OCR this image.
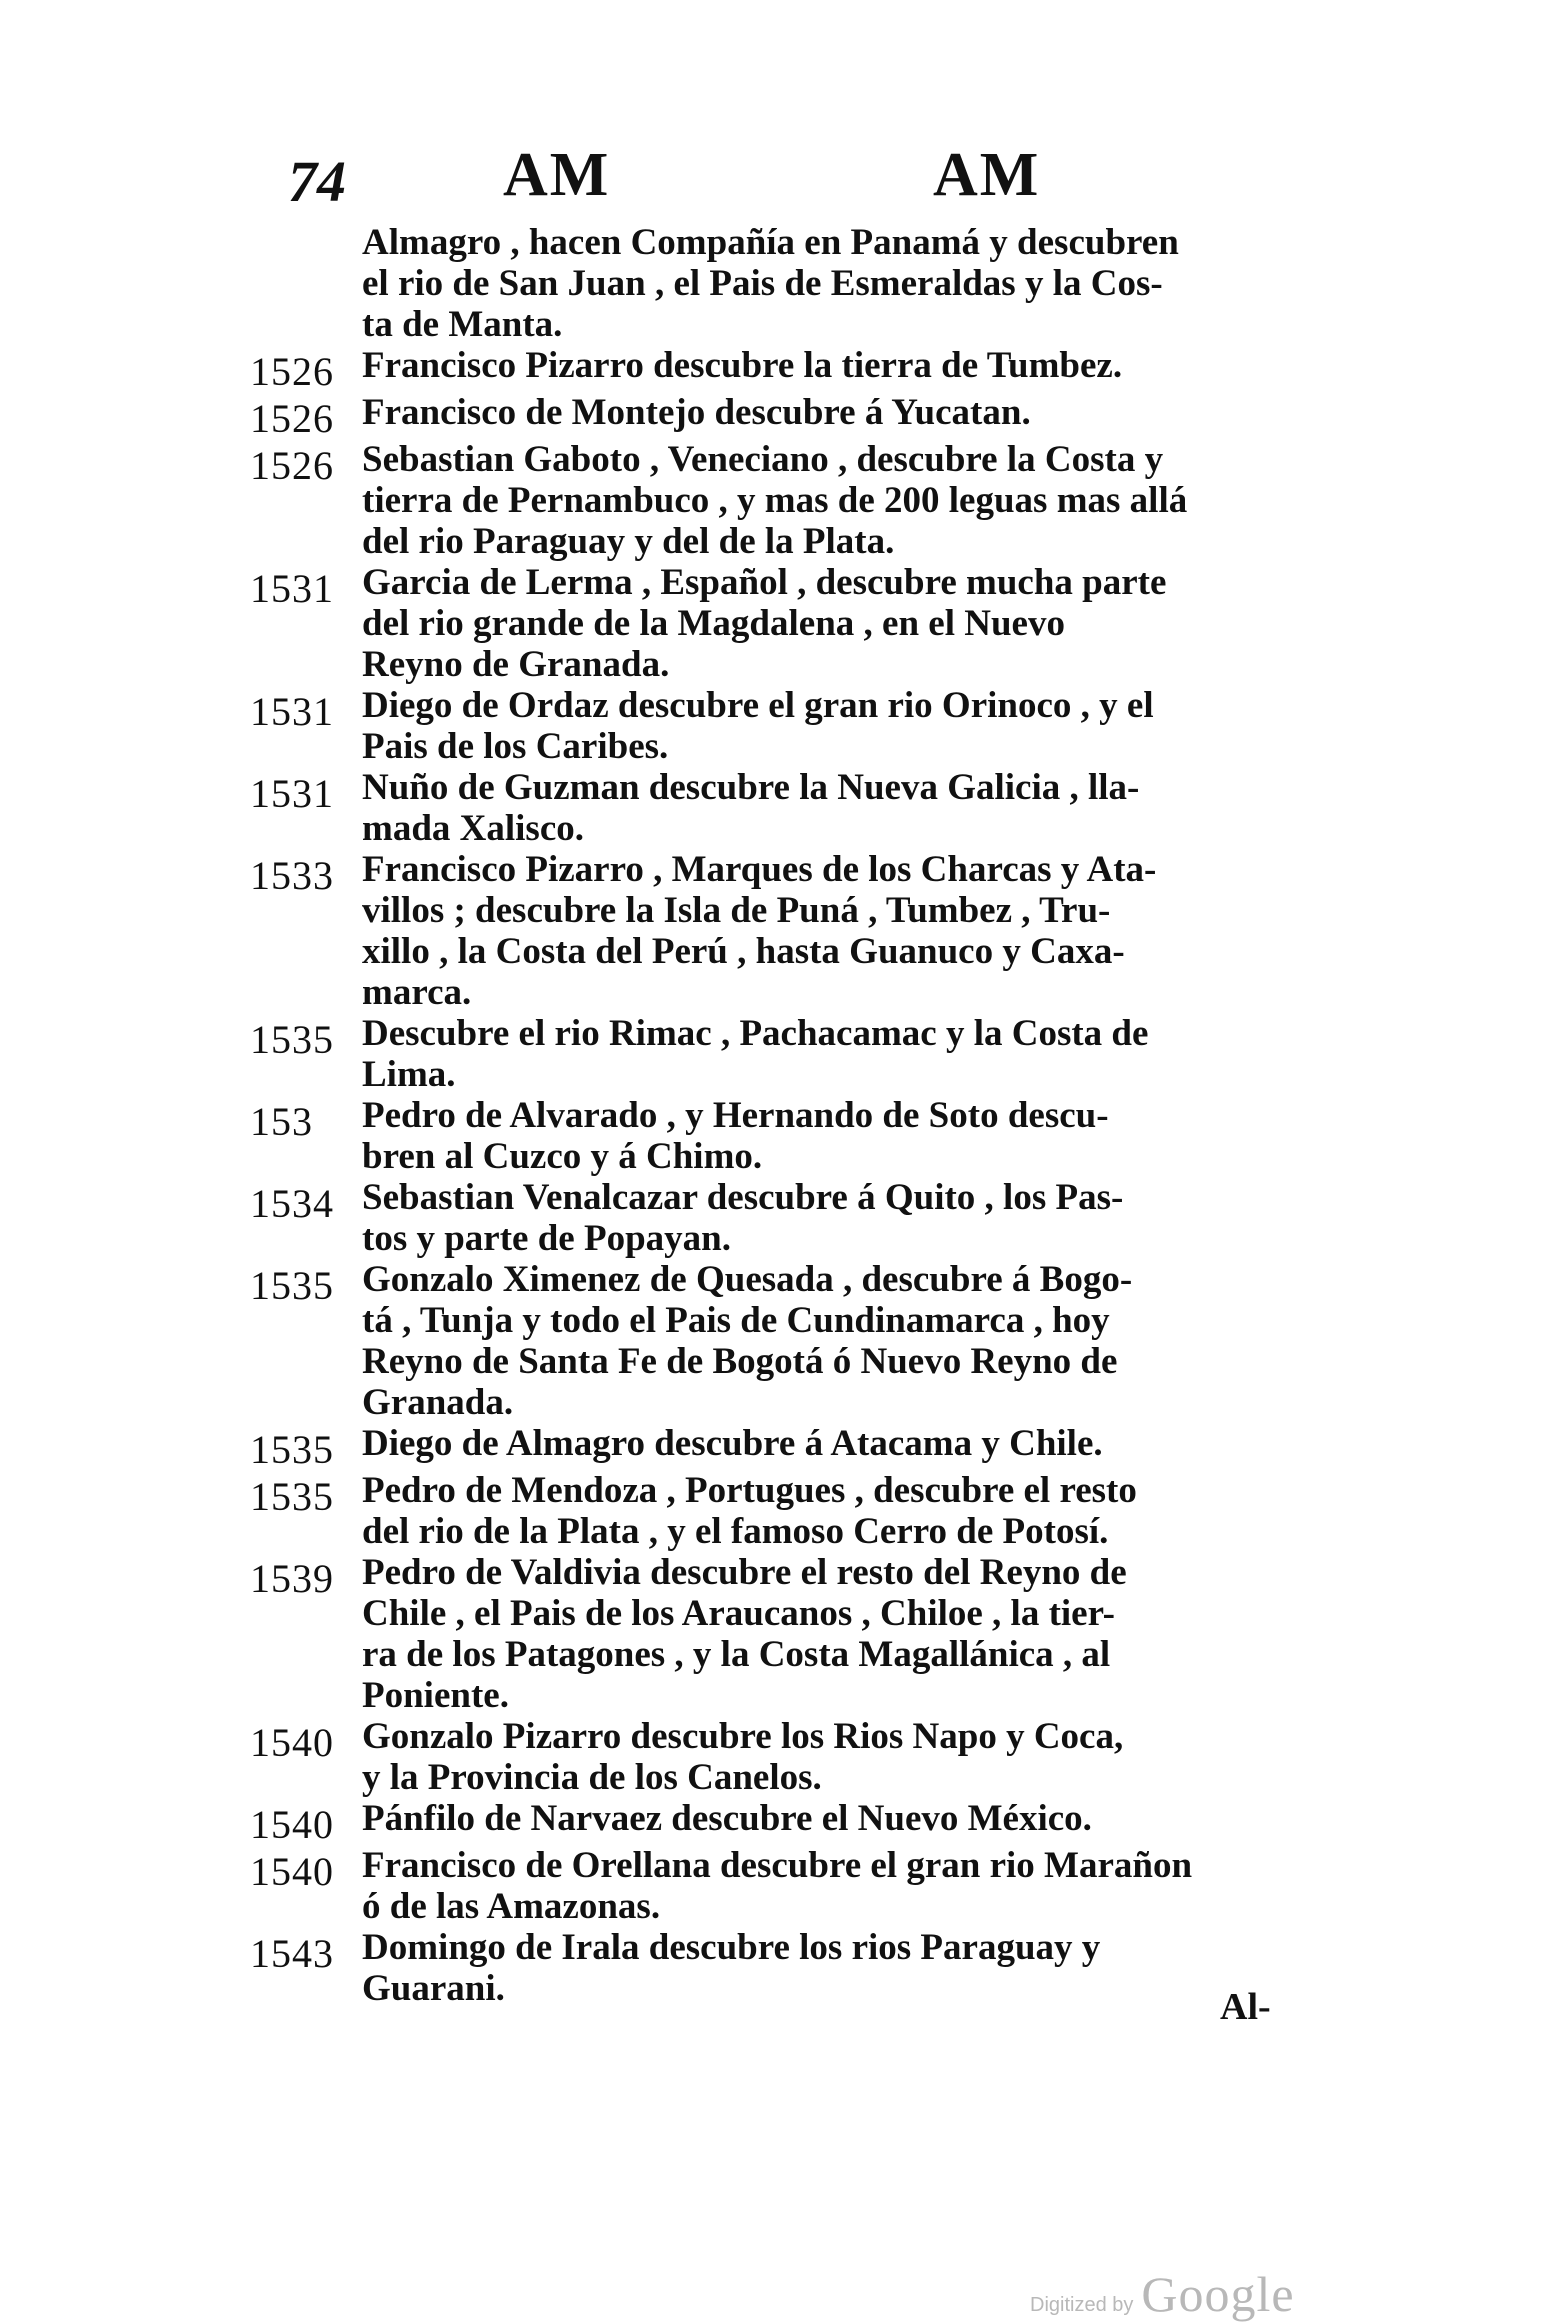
74	AM	AM
Almagro , hacen Compañía en Panamá y descubren
el rio de San Juan , el Pais de Esmeraldas y la Cos-
ta de Manta.
1526 Francisco Pizarro descubre la tierra de Tumbez.
1526 Francisco de Montejo descubre á Yucatan.
1526 Sebastian Gaboto , Veneciano , descubre la Costa y
tierra de Pernambuco , y mas de 200 leguas mas allá
del rio Paraguay y del de la Plata.
1531 Garcia de Lerma , Español , descubre mucha parte
del rio grande de la Magdalena , en el Nuevo
Reyno de Granada.
1531 Diego de Ordaz descubre el gran rio Orinoco , y el
Pais de los Caribes.
1531 Nuño de Guzman descubre la Nueva Galicia , lla-
mada Xalisco.
1533 Francisco Pizarro , Marques de los Charcas y Ata-
villos ; descubre la Isla de Puná , Tumbez , Tru-
xillo , la Costa del Perú , hasta Guanuco y Caxa-
marca.
1535 Descubre el rio Rimac , Pachacamac y la Costa de
Lima.
153	Pedro de Alvarado , y Hernando de Soto descu-
bren al Cuzco y á Chimo.
1534 Sebastian Venalcazar descubre á Quito , los Pas-
tos y parte de Popayan.
1535 Gonzalo Ximenez de Quesada , descubre á Bogo-
tá , Tunja y todo el Pais de Cundinamarca , hoy
Reyno de Santa Fe de Bogotá ó Nuevo Reyno de
Granada.
1535 Diego de Almagro descubre á Atacama y Chile.
1535 Pedro de Mendoza , Portugues , descubre el resto
del rio de la Plata , y el famoso Cerro de Potosí.
1539 Pedro de Valdivia descubre el resto del Reyno de
Chile , el Pais de los Araucanos , Chiloe , la tier-
ra de los Patagones , y la Costa Magallánica , al
Poniente.
1540 Gonzalo Pizarro descubre los Rios Napo y Coca,
y la Provincia de los Canelos.
1540 Pánfilo de Narvaez descubre el Nuevo México.
1540 Francisco de Orellana descubre el gran rio Marañon
ó de las Amazonas.
1543 Domingo de Irala descubre los rios Paraguay y
Guarani.	Al-
Digitized by Google
